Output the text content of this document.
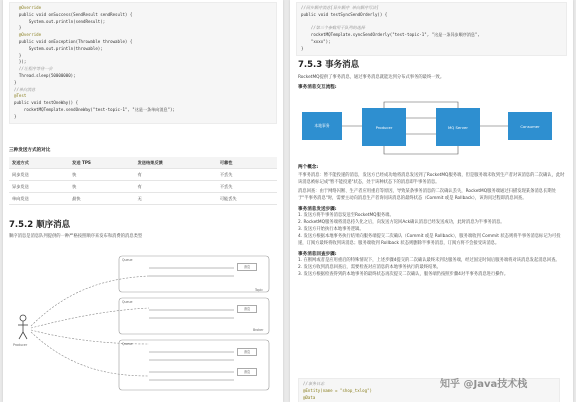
@Override
public void onSuccess(SendResult sendResult) {
System.out.println(sendResult);
}
@Override
public void onException(Throwable throwable) {
System.out.println(throwable);
}
});
//让程序等待一会
Thread.sleep(50000000);
}
//单向消息
@Test
public void testOneWay() {
rocketMQTemplate.sendOneWay("test-topic-1", "这是一条单向消息");
}
三种发送方式的对比
发送方式	发送 TPS	发送结果反馈	可靠性
同步发送	快	有	不丢失
异步发送	快	有	不丢失
单向发送	最快	无	可能丢失
7.5.2 顺序消息
顺序消息是消息队列提供的一种严格按照顺序来发布和消费的消息类型
Producer
消息
消息
消息
消息
Queue
Queue
Queue
Topic
Broker
//同步顺序消息[异步顺序 单向顺序写法]
public void testSyncSendOrderly() {

//第三个参数用于队列的选择
rocketMQTemplate.syncSendOrderly("test-topic-1", "这是一条异步顺序消息",
"xxxx");
}
7.5.3 事务消息
RocketMQ提供了事务消息，通过事务消息就能达到分布式事务的最终一致。
事务消息交互流程:
本地事务	Producer	MQ Server	Consumer
两个概念:
半事务消息：暂不能投递的消息，发送方已经成功地将消息发送到了RocketMQ服务端，但是服务端未收到生产者对该消息的二次确认，此时该消息被标记成"暂不能投递"状态，处于该种状态下的消息即半事务消息。
消息回查：由于网络闪断、生产者应用重启等原因，导致某条事务消息的二次确认丢失，RocketMQ服务端通过扫描发现某条消息长期处于"半事务消息"时，需要主动向消息生产者询问该消息的最终状态（Commit 或是 Rollback），该询问过程即消息回查。
事务消息发送步骤:
1. 发送方将半事务消息发送至RocketMQ服务端。
2. RocketMQ服务端将消息持久化之后，向发送方返回Ack确认消息已经发送成功，此时消息为半事务消息。
3. 发送方开始执行本地事务逻辑。
4. 发送方根据本地事务执行结果向服务端提交二次确认（Commit 或是 Rollback），服务端收到 Commit 状态则将半事务消息标记为可投递，订阅方最终将收到该消息；服务端收到 Rollback 状态则删除半事务消息，订阅方将不会接受该消息。
事务消息回查步骤:
1. 在断网或者是应用重启的特殊情况下，上述步骤4提交的二次确认最终未到达服务端，经过固定时间后服务端将对该消息发起消息回查。
2. 发送方收到消息回查后，需要检查对应消息的本地事务执行的最终结果。
3. 发送方根据检查得到的本地事务的最终状态再次提交二次确认，服务端仍按照步骤4对半事务消息进行操作。
//事务日志
@Entity(name = "shop_txlog")
@Data
知乎 @Java技术栈
